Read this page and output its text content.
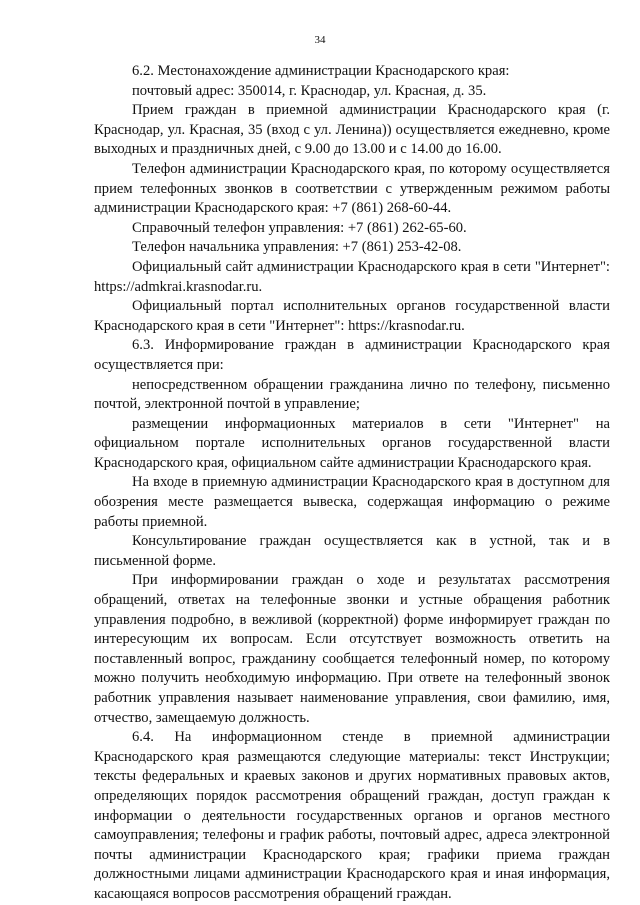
34

6.2. Местонахождение администрации Краснодарского края:

почтовый адрес: 350014, г. Краснодар, ул. Красная, д. 35.

Прием граждан в приемной администрации Краснодарского края (г. Краснодар, ул. Красная, 35 (вход с ул. Ленина)) осуществляется ежедневно, кроме выходных и праздничных дней, с 9.00 до 13.00 и с 14.00 до 16.00.

Телефон администрации Краснодарского края, по которому осуществляется прием телефонных звонков в соответствии с утвержденным режимом работы администрации Краснодарского края: +7 (861) 268-60-44.

Справочный телефон управления: +7 (861) 262-65-60.

Телефон начальника управления: +7 (861) 253-42-08.

Официальный сайт администрации Краснодарского края в сети "Интернет": https://admkrai.krasnodar.ru.

Официальный портал исполнительных органов государственной власти Краснодарского края в сети "Интернет": https://krasnodar.ru.

6.3. Информирование граждан в администрации Краснодарского края осуществляется при:

непосредственном обращении гражданина лично по телефону, письменно почтой, электронной почтой в управление;

размещении информационных материалов в сети "Интернет" на официальном портале исполнительных органов государственной власти Краснодарского края, официальном сайте администрации Краснодарского края.

На входе в приемную администрации Краснодарского края в доступном для обозрения месте размещается вывеска, содержащая информацию о режиме работы приемной.

Консультирование граждан осуществляется как в устной, так и в письменной форме.

При информировании граждан о ходе и результатах рассмотрения обращений, ответах на телефонные звонки и устные обращения работник управления подробно, в вежливой (корректной) форме информирует граждан по интересующим их вопросам. Если отсутствует возможность ответить на поставленный вопрос, гражданину сообщается телефонный номер, по которому можно получить необходимую информацию. При ответе на телефонный звонок работник управления называет наименование управления, свои фамилию, имя, отчество, замещаемую должность.

6.4. На информационном стенде в приемной администрации Краснодарского края размещаются следующие материалы: текст Инструкции; тексты федеральных и краевых законов и других нормативных правовых актов, определяющих порядок рассмотрения обращений граждан, доступ граждан к информации о деятельности государственных органов и органов местного самоуправления; телефоны и график работы, почтовый адрес, адреса электронной почты администрации Краснодарского края; графики приема граждан должностными лицами администрации Краснодарского края и иная информация, касающаяся вопросов рассмотрения обращений граждан.
